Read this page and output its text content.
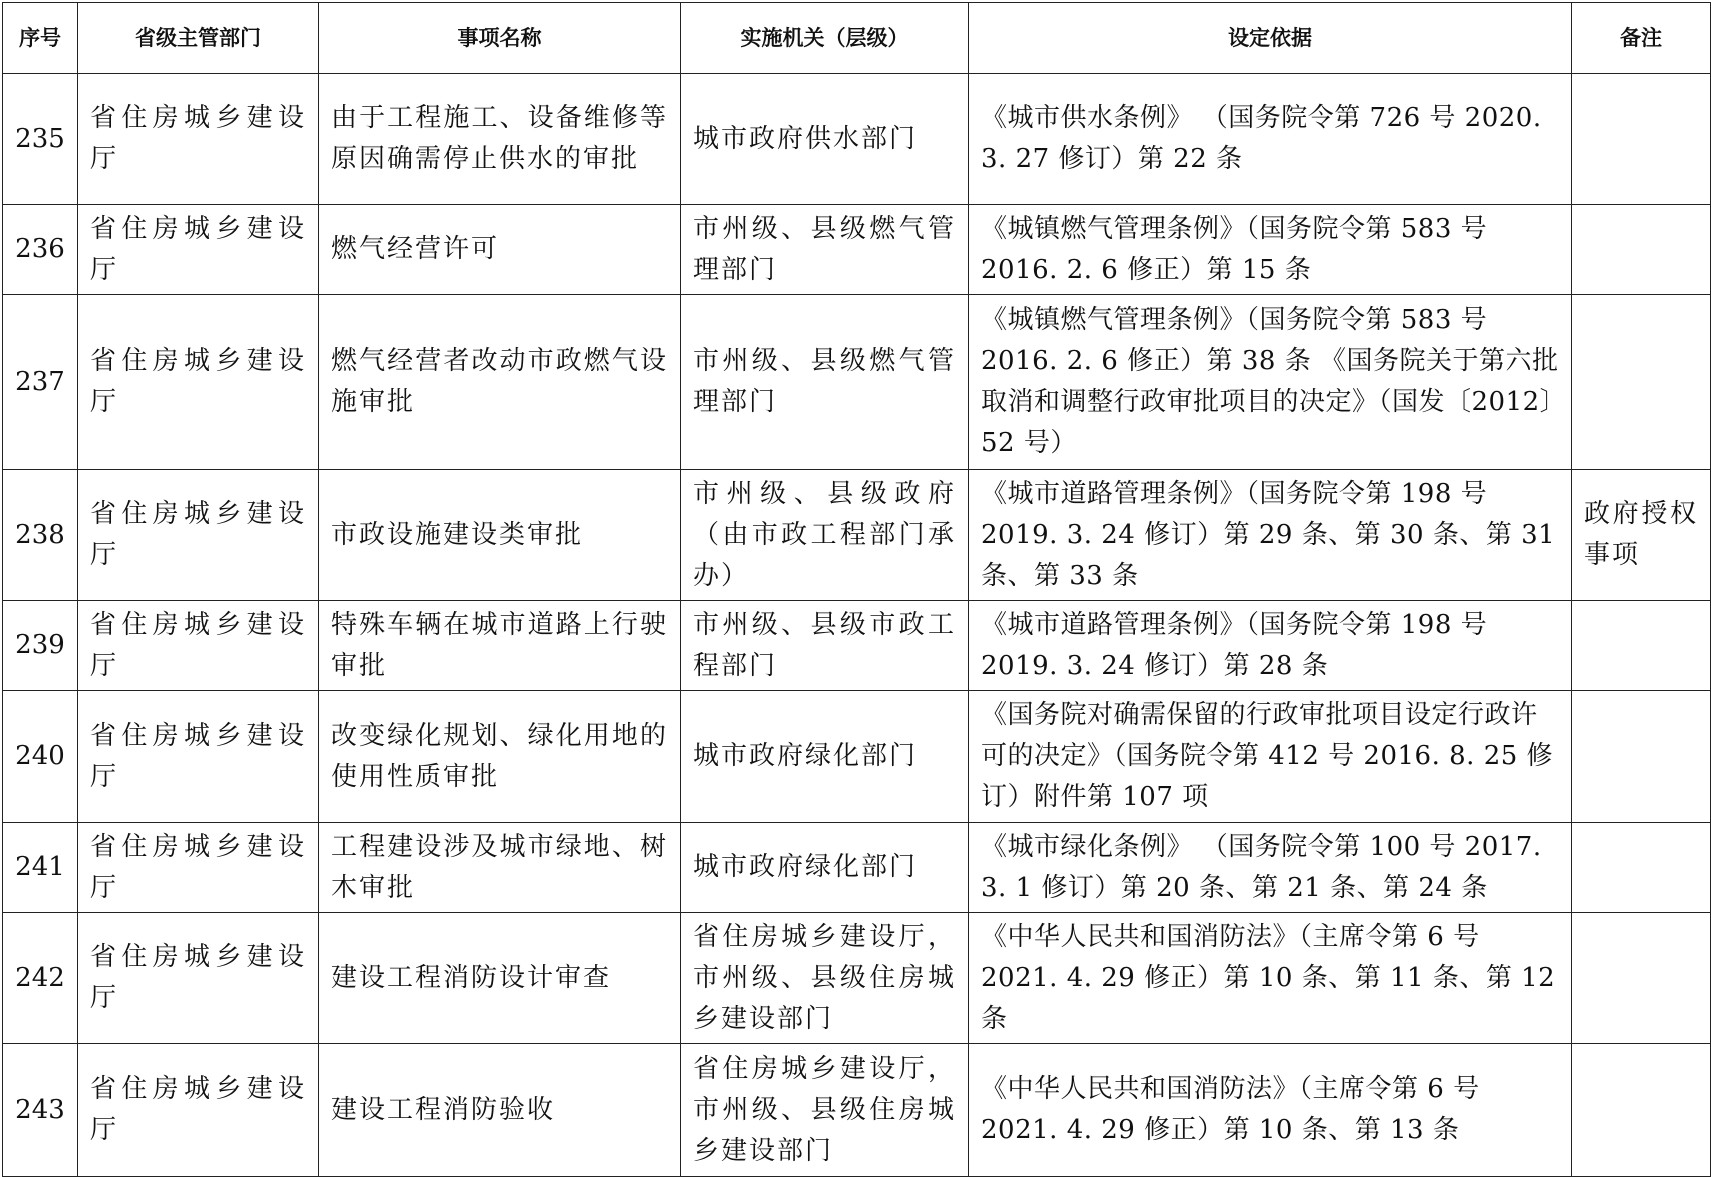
序号	省级主管部门	事项名称	实施机关（层级）	设定依据	备注
235	省住房城乡建设厅	由于工程施工、设备维修等原因确需停止供水的审批	城市政府供水部门	《城市供水条例》 （国务院令第 726 号 2020. 3. 27 修订）第 22 条	
236	省住房城乡建设厅	燃气经营许可	市州级、县级燃气管理部门	《城镇燃气管理条例》（国务院令第 583 号 2016. 2. 6 修正）第 15 条	
237	省住房城乡建设厅	燃气经营者改动市政燃气设施审批	市州级、县级燃气管理部门	《城镇燃气管理条例》（国务院令第 583 号 2016. 2. 6 修正）第 38 条 《国务院关于第六批取消和调整行政审批项目的决定》（国发〔2012〕52 号）	
238	省住房城乡建设厅	市政设施建设类审批	市州级、县级政府（由市政工程部门承办）	《城市道路管理条例》（国务院令第 198 号 2019. 3. 24 修订）第 29 条、第 30 条、第 31 条、第 33 条	政府授权事项
239	省住房城乡建设厅	特殊车辆在城市道路上行驶审批	市州级、县级市政工程部门	《城市道路管理条例》（国务院令第 198 号 2019. 3. 24 修订）第 28 条	
240	省住房城乡建设厅	改变绿化规划、绿化用地的使用性质审批	城市政府绿化部门	《国务院对确需保留的行政审批项目设定行政许可的决定》（国务院令第 412 号 2016. 8. 25 修订）附件第 107 项	
241	省住房城乡建设厅	工程建设涉及城市绿地、树木审批	城市政府绿化部门	《城市绿化条例》 （国务院令第 100 号 2017. 3. 1 修订）第 20 条、第 21 条、第 24 条	
242	省住房城乡建设厅	建设工程消防设计审查	省住房城乡建设厅，市州级、县级住房城乡建设部门	《中华人民共和国消防法》（主席令第 6 号 2021. 4. 29 修正）第 10 条、第 11 条、第 12 条	
243	省住房城乡建设厅	建设工程消防验收	省住房城乡建设厅，市州级、县级住房城乡建设部门	《中华人民共和国消防法》（主席令第 6 号 2021. 4. 29 修正）第 10 条、第 13 条	
